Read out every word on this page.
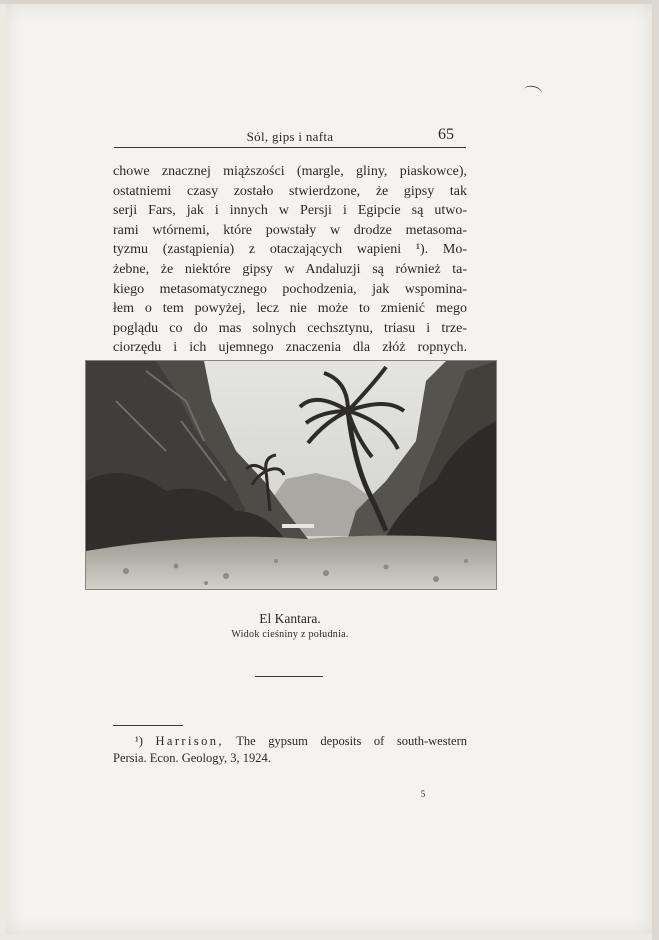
Sól, gips i nafta	65
chowe znacznej miąższości (margle, gliny, piaskowce),
ostatniemi czasy zostało stwierdzone, że gipsy tak
serji Fars, jak i innych w Persji i Egipcie są utwo-
rami wtórnemi, które powstały w drodze metasoma-
tyzmu (zastąpienia) z otaczających wapieni ¹). Mo-
żebne, że niektóre gipsy w Andaluzji są również ta-
kiego metasomatycznego pochodzenia, jak wspomina-
łem o tem powyżej, lecz nie może to zmienić mego
poglądu co do mas solnych cechsztynu, triasu i trze-
ciorzędu i ich ujemnego znaczenia dla złóż ropnych.
El Kantara.
Widok cieśniny z południa.
¹) Harrison, The gypsum deposits of south-western
Persia. Econ. Geology, 3, 1924.
5
